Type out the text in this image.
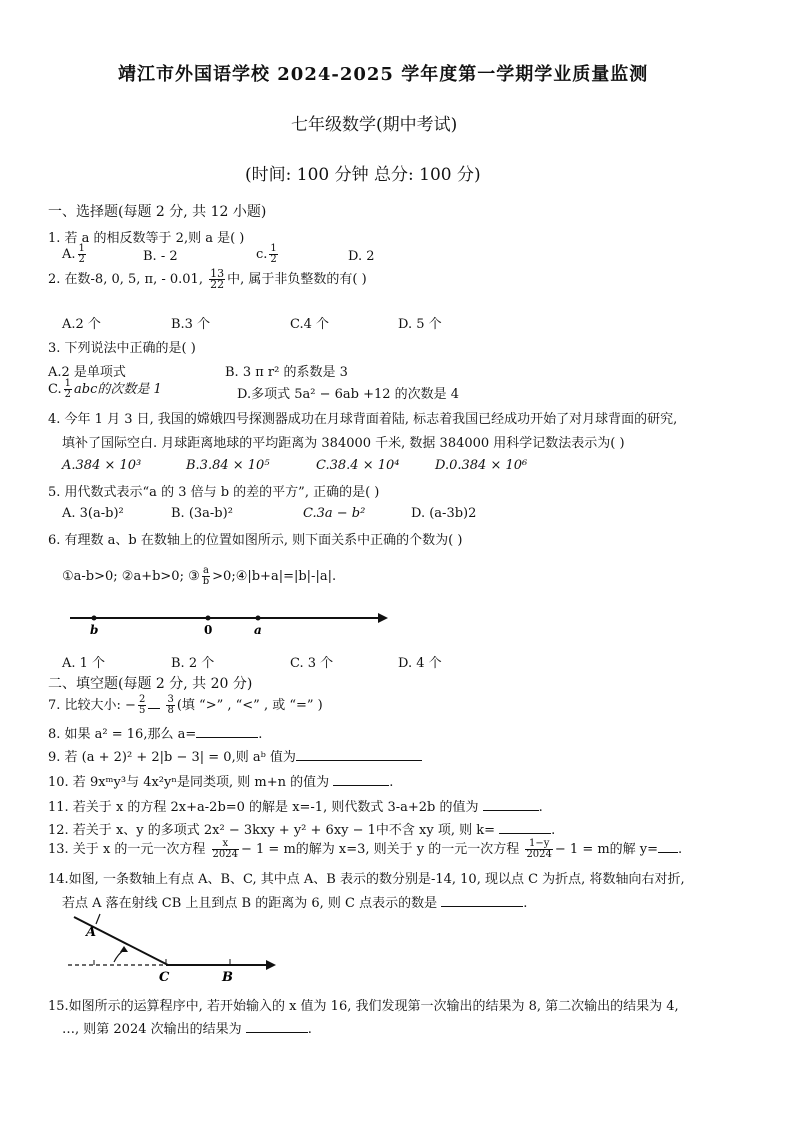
靖江市外国语学校 2024-2025 学年度第一学期学业质量监测
七年级数学(期中考试)
(时间: 100 分钟 总分: 100 分)
一、选择题(每题 2 分, 共 12 小题)
1. 若 a 的相反数等于 2,则 a 是( )
A. $\frac{1}{2}$	B. - 2	c. $\frac{1}{2}$	D. 2
2. 在数-8, 0, 5, π, - 0.01, $\frac{13}{22}$ 中, 属于非负整数的有( )
A.2 个	B.3 个	C.4 个	D. 5 个
3. 下列说法中正确的是( )
A.2 是单项式	B. 3 π r² 的系数是 3
C. $\frac{1}{2}$ abc的次数是 1	D.多项式 5a² − 6ab +12 的次数是 4
4. 今年 1 月 3 日, 我国的嫦娥四号探测器成功在月球背面着陆, 标志着我国已经成功开始了对月球背面的研究,
填补了国际空白. 月球距离地球的平均距离为 384000 千米, 数据 384000 用科学记数法表示为( )
A.384 × 10³	B.3.84 × 10⁵	C.38.4 × 10⁴	D.0.384 × 10⁶
5. 用代数式表示“a 的 3 倍与 b 的差的平方”, 正确的是( )
A. 3(a-b)²	B. (3a-b)²	C.3a − b²	D. (a-3b)2
6. 有理数 a、b 在数轴上的位置如图所示, 则下面关系中正确的个数为( )
①a-b>0; ②a+b>0; ③ $\frac{a}{b}$ >0;④|b+a|=|b|-|a|.
b	0	a
A. 1 个	B. 2 个	C. 3 个	D. 4 个
二、填空题(每题 2 分, 共 20 分)
7. 比较大小: − $\frac{2}{5}$
$\frac{3}{8}$ (填 “>” , “<” , 或 “=” )
8. 如果 a² = 16,那么 a=	.
9. 若 (a + 2)² + 2|b − 3| = 0,则 aᵇ 值为
10. 若 9xᵐy³与 4x²yⁿ是同类项, 则 m+n 的值为	.
11. 若关于 x 的方程 2x+a-2b=0 的解是 x=-1, 则代数式 3-a+2b 的值为	.
12. 若关于 x、y 的多项式 2x² − 3kxy + y² + 6xy − 1中不含 xy 项, 则 k=	.
13. 关于 x 的一元一次方程 $\frac{x}{2024} - 1 = m$的解为 x=3, 则关于 y 的一元一次方程 $\frac{1-y}{2024} - 1 = m$的解 y= .
14.如图, 一条数轴上有点 A、B、C, 其中点 A、B 表示的数分别是-14, 10, 现以点 C 为折点, 将数轴向右对折,
若点 A 落在射线 CB 上且到点 B 的距离为 6, 则 C 点表示的数是	.
A
C	B
15.如图所示的运算程序中, 若开始输入的 x 值为 16, 我们发现第一次输出的结果为 8, 第二次输出的结果为 4,
…, 则第 2024 次输出的结果为	.
